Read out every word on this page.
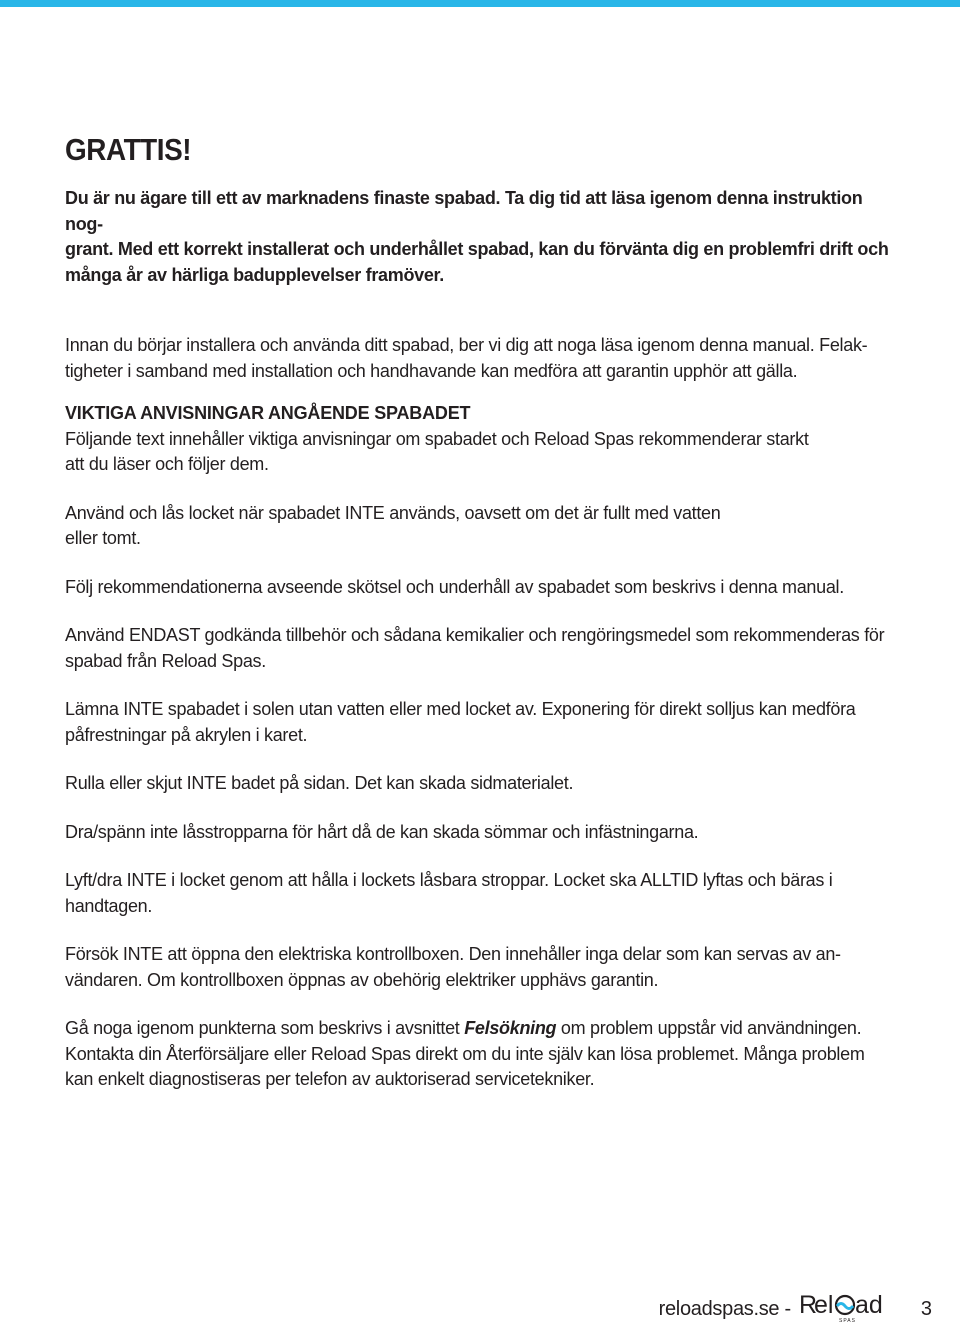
GRATTIS!
Du är nu ägare till ett av marknadens finaste spabad. Ta dig tid att läsa igenom denna instruktion nog-
grant. Med ett korrekt installerat och underhållet spabad, kan du förvänta dig en problemfri drift och
många år av härliga badupplevelser framöver.
Innan du börjar installera och använda ditt spabad, ber vi dig att noga läsa igenom denna manual. Felak-
tigheter i samband med installation och handhavande kan medföra att garantin upphör att gälla.
VIKTIGA ANVISNINGAR ANGÅENDE SPABADET
Följande text innehåller viktiga anvisningar om spabadet och Reload Spas rekommenderar starkt
att du läser och följer dem.
Använd och lås locket när spabadet INTE används, oavsett om det är fullt med vatten
eller tomt.
Följ rekommendationerna avseende skötsel och underhåll av spabadet som beskrivs i denna manual.
Använd ENDAST godkända tillbehör och sådana kemikalier och rengöringsmedel som rekommenderas för
spabad från Reload Spas.
Lämna INTE spabadet i solen utan vatten eller med locket av. Exponering för direkt solljus kan medföra
påfrestningar på akrylen i karet.
Rulla eller skjut INTE badet på sidan. Det kan skada sidmaterialet.
Dra/spänn inte låsstropparna för hårt då de kan skada sömmar och infästningarna.
Lyft/dra INTE i locket genom att hålla i lockets låsbara stroppar. Locket ska ALLTID lyftas och bäras i
handtagen.
Försök INTE att öppna den elektriska kontrollboxen. Den innehåller inga delar som kan servas av an-
vändaren. Om kontrollboxen öppnas av obehörig elektriker upphävs garantin.
Gå noga igenom punkterna som beskrivs i avsnittet Felsökning om problem uppstår vid användningen.
Kontakta din Återförsäljare eller Reload Spas direkt om du inte själv kan lösa problemet. Många problem
kan enkelt diagnostiseras per telefon av auktoriserad servicetekniker.
reloadspas.se - R
el ad
SPAS
3
